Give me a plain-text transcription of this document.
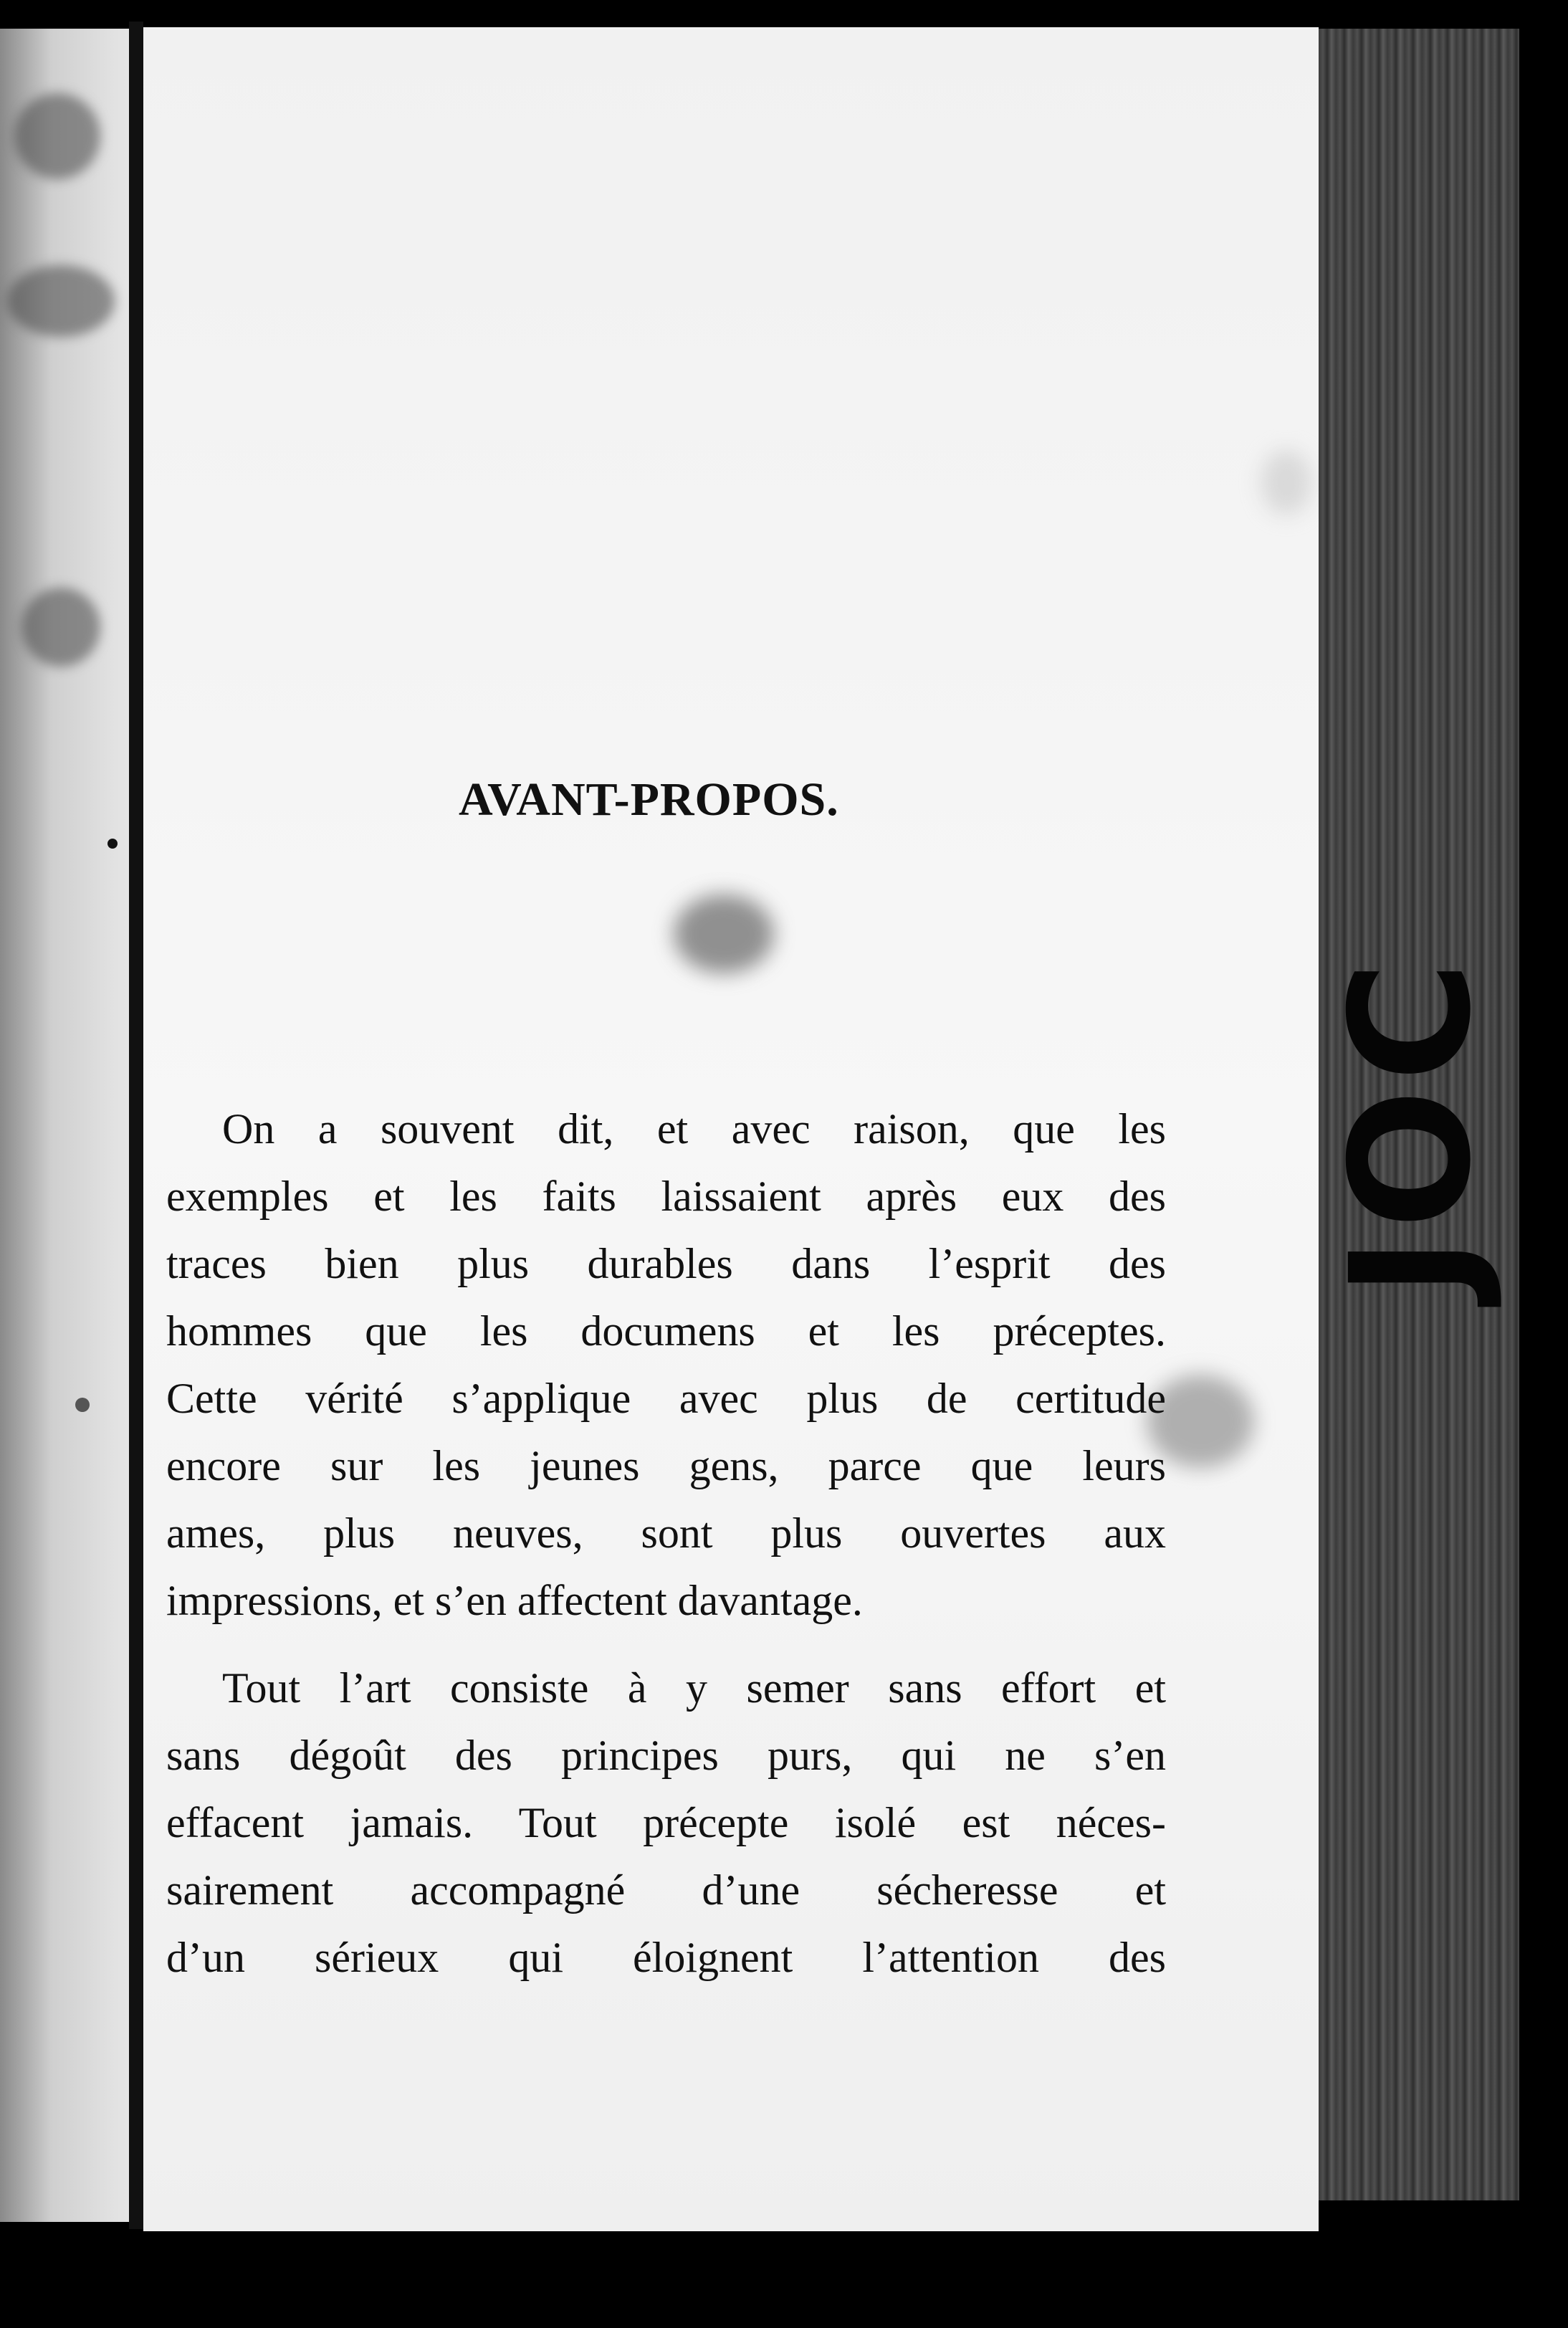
JOC
AVANT-PROPOS.
On a souvent dit, et avec raison, que les
exemples et les faits laissaient après eux des
traces bien plus durables dans l’esprit des
hommes que les documens et les préceptes.
Cette vérité s’applique avec plus de certitude
encore sur les jeunes gens, parce que leurs
ames, plus neuves, sont plus ouvertes aux
impressions, et s’en affectent davantage.
Tout l’art consiste à y semer sans effort et
sans dégoût des principes purs, qui ne s’en
effacent jamais. Tout précepte isolé est néces-
sairement accompagné d’une sécheresse et
d’un sérieux qui éloignent l’attention des
